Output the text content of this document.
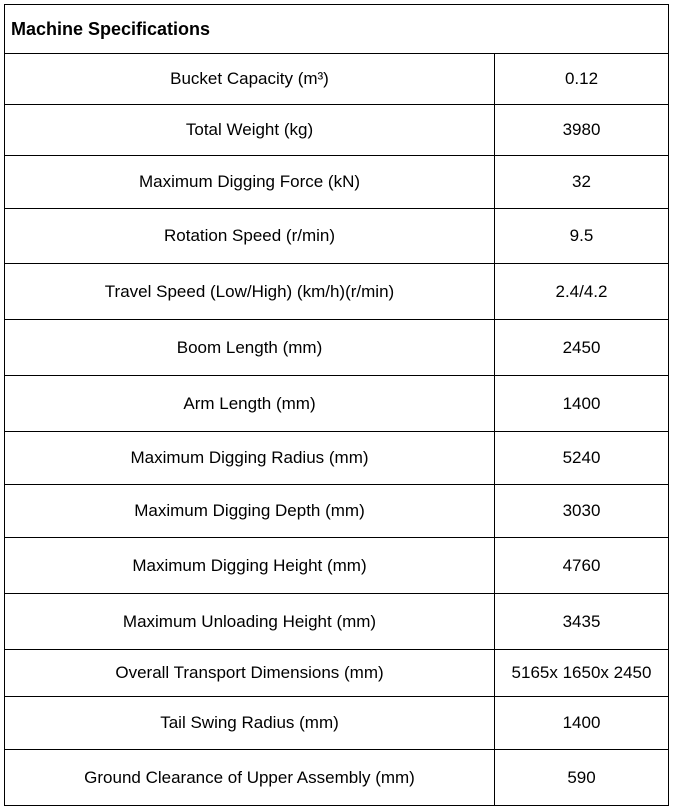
Machine Specifications	
Bucket Capacity (m³)	0.12
Total Weight (kg)	3980
Maximum Digging Force (kN)	32
Rotation Speed (r/min)	9.5
Travel Speed (Low/High) (km/h)(r/min)	2.4/4.2
Boom Length (mm)	2450
Arm Length (mm)	1400
Maximum Digging Radius (mm)	5240
Maximum Digging Depth (mm)	3030
Maximum Digging Height (mm)	4760
Maximum Unloading Height (mm)	3435
Overall Transport Dimensions (mm)	5165x 1650x 2450
Tail Swing Radius (mm)	1400
Ground Clearance of Upper Assembly (mm)	590
